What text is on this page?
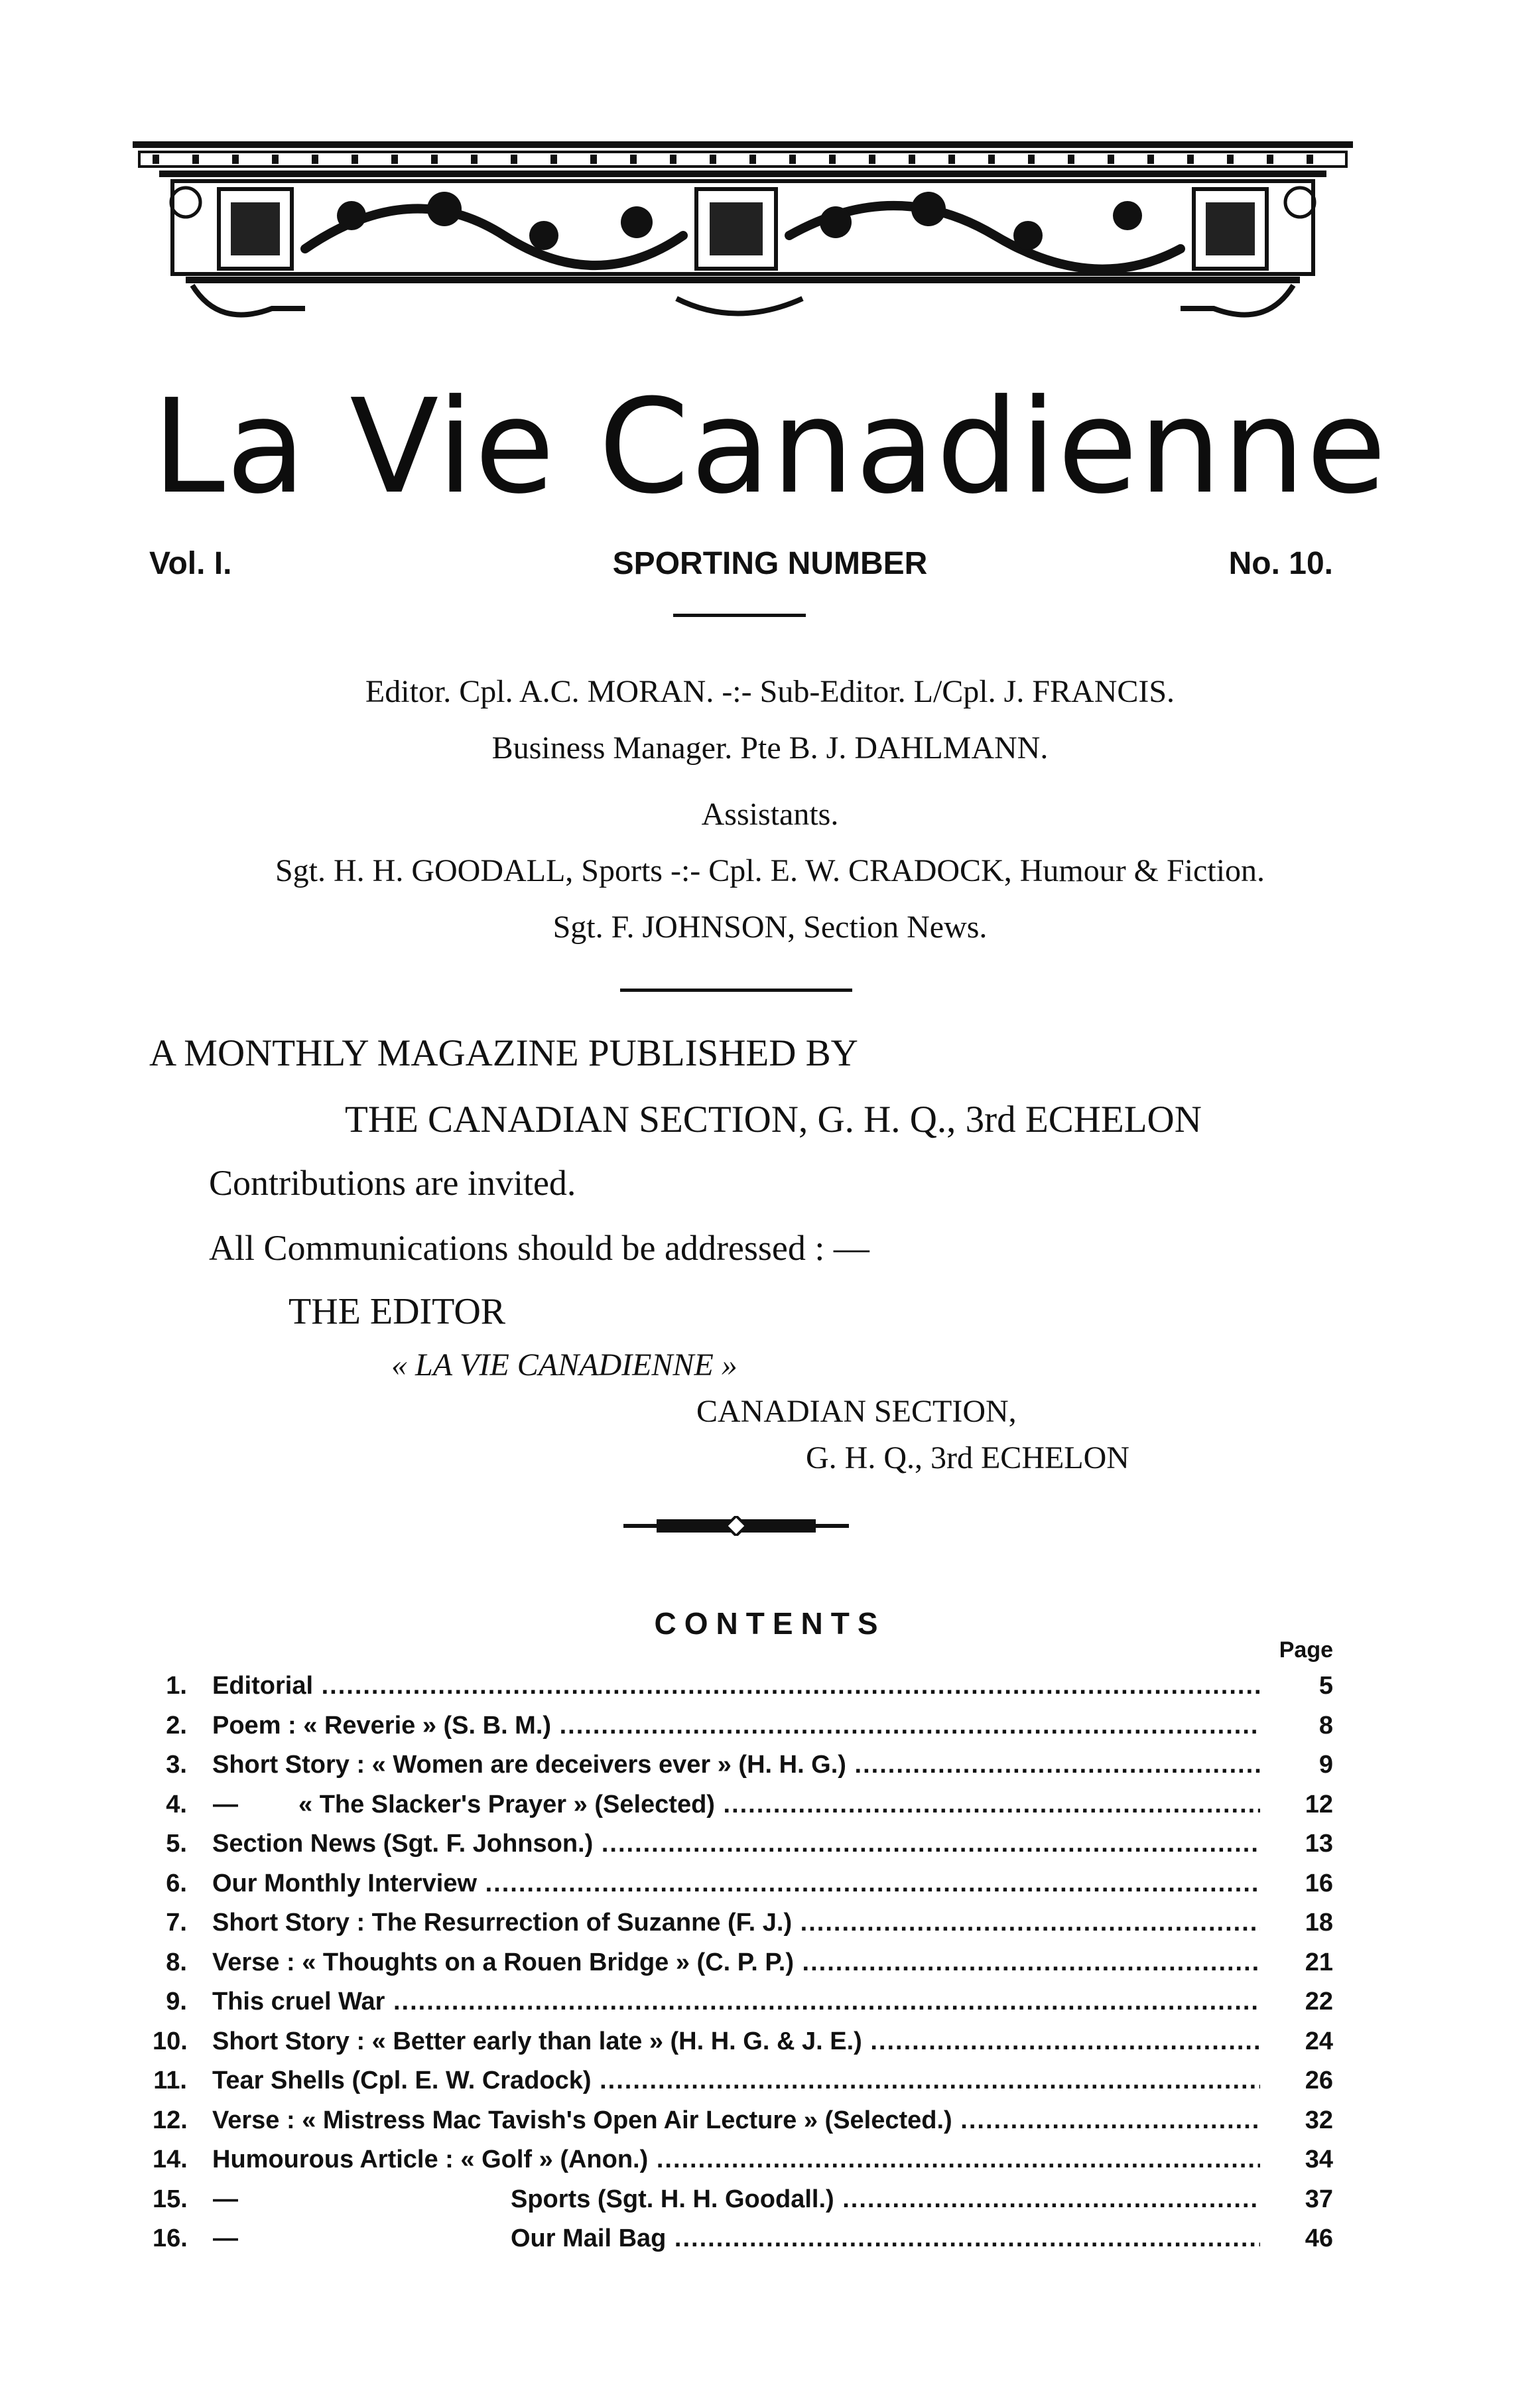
La Vie Canadienne
Vol. I.	SPORTING NUMBER	No. 10.
Editor. Cpl. A.C. MORAN. -:- Sub-Editor. L/Cpl. J. FRANCIS.
Business Manager. Pte B. J. DAHLMANN.
Assistants.
Sgt. H. H. GOODALL, Sports -:- Cpl. E. W. CRADOCK, Humour & Fiction.
Sgt. F. JOHNSON, Section News.
A MONTHLY MAGAZINE PUBLISHED BY
THE CANADIAN SECTION, G. H. Q., 3rd ECHELON
Contributions are invited.
All Communications should be addressed : —
THE EDITOR
« LA VIE CANADIENNE »
CANADIAN SECTION,
G. H. Q., 3rd ECHELON
CONTENTS
Page
1. Editorial .....	5
2. Poem : « Reverie » (S. B. M.) .....	8
3. Short Story : « Women are deceivers ever » (H. H. G.) .....	9
4. — « The Slacker's Prayer » (Selected) .....	12
5. Section News (Sgt. F. Johnson.) .....	13
6. Our Monthly Interview .....	16
7. Short Story : The Resurrection of Suzanne (F. J.) .....	18
8. Verse : « Thoughts on a Rouen Bridge » (C. P. P.) .....	21
9. This cruel War .....	22
10. Short Story : « Better early than late » (H. H. G. & J. E.) .....	24
11. Tear Shells (Cpl. E. W. Cradock) .....	26
12. Verse : « Mistress Mac Tavish's Open Air Lecture » (Selected.) .....	32
14. Humourous Article : « Golf » (Anon.) .....	34
15. —	Sports (Sgt. H. H. Goodall.) .....	37
16. —	Our Mail Bag .....	46
